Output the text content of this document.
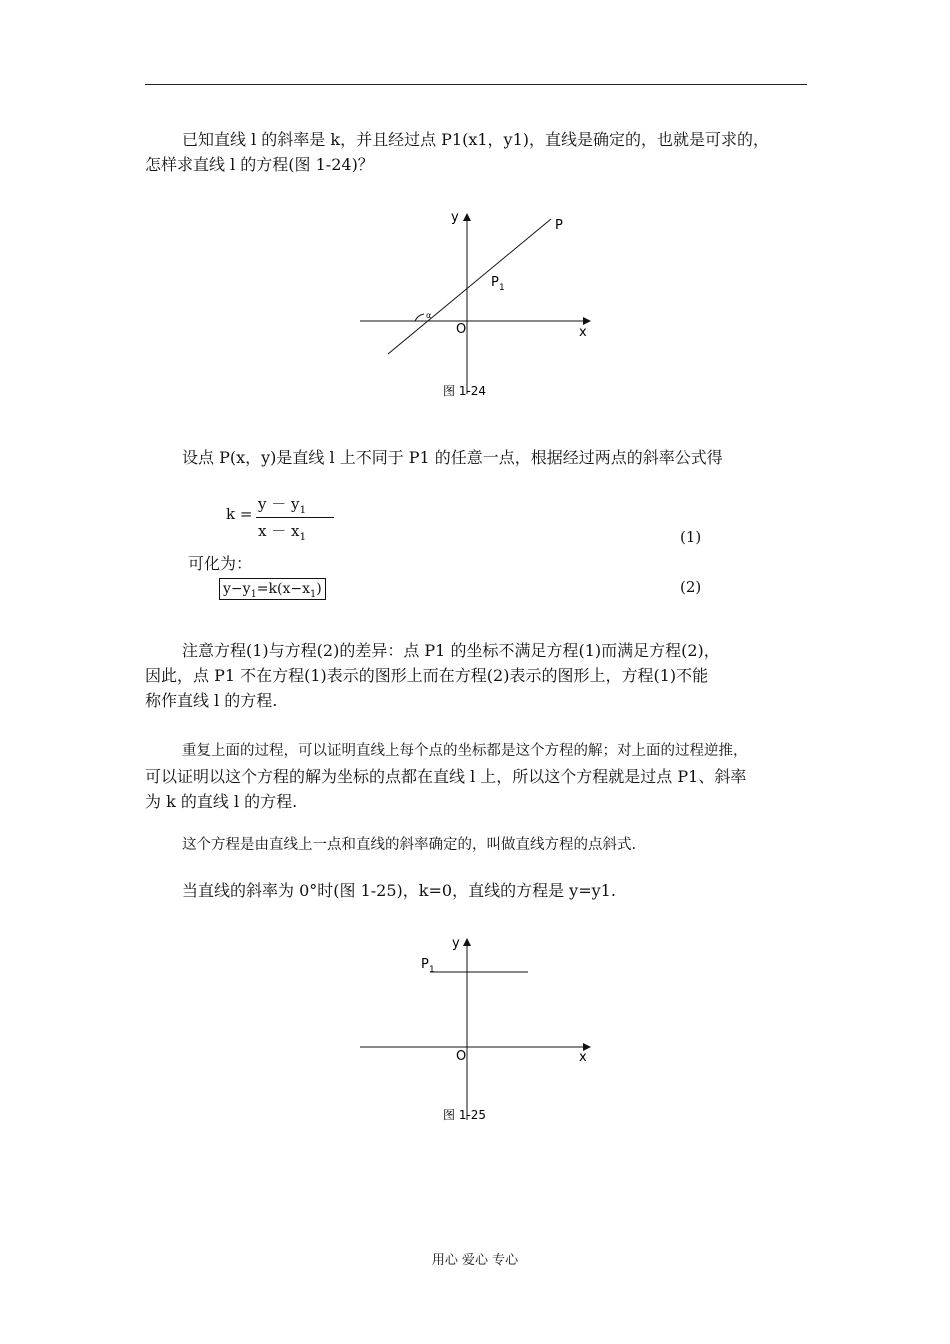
已知直线 l 的斜率是 k，并且经过点 P1(x1，y1)，直线是确定的，也就是可求的，
怎样求直线 l 的方程(图 1-24)？

α
y
x
O
P
P 1
图 1-24

设点 P(x，y)是直线 l 上不同于 P1 的任意一点，根据经过两点的斜率公式得

k =
$y - y_1$
$x - x_1$	(1)
可化为：
$y-y_1=k(x-x_1)$	(2)

注意方程(1)与方程(2)的差异：点 P1 的坐标不满足方程(1)而满足方程(2)，
因此，点 P1 不在方程(1)表示的图形上而在方程(2)表示的图形上，方程(1)不能
称作直线 l 的方程.

重复上面的过程，可以证明直线上每个点的坐标都是这个方程的解；对上面的过程逆推，
可以证明以这个方程的解为坐标的点都在直线 l 上，所以这个方程就是过点 P1、斜率
为 k 的直线 l 的方程.

这个方程是由直线上一点和直线的斜率确定的，叫做直线方程的点斜式.

当直线的斜率为 0°时(图 1-25)，k=0，直线的方程是 y=y1.

y
x
O
P 1
图 1-25
用心 爱心 专心
